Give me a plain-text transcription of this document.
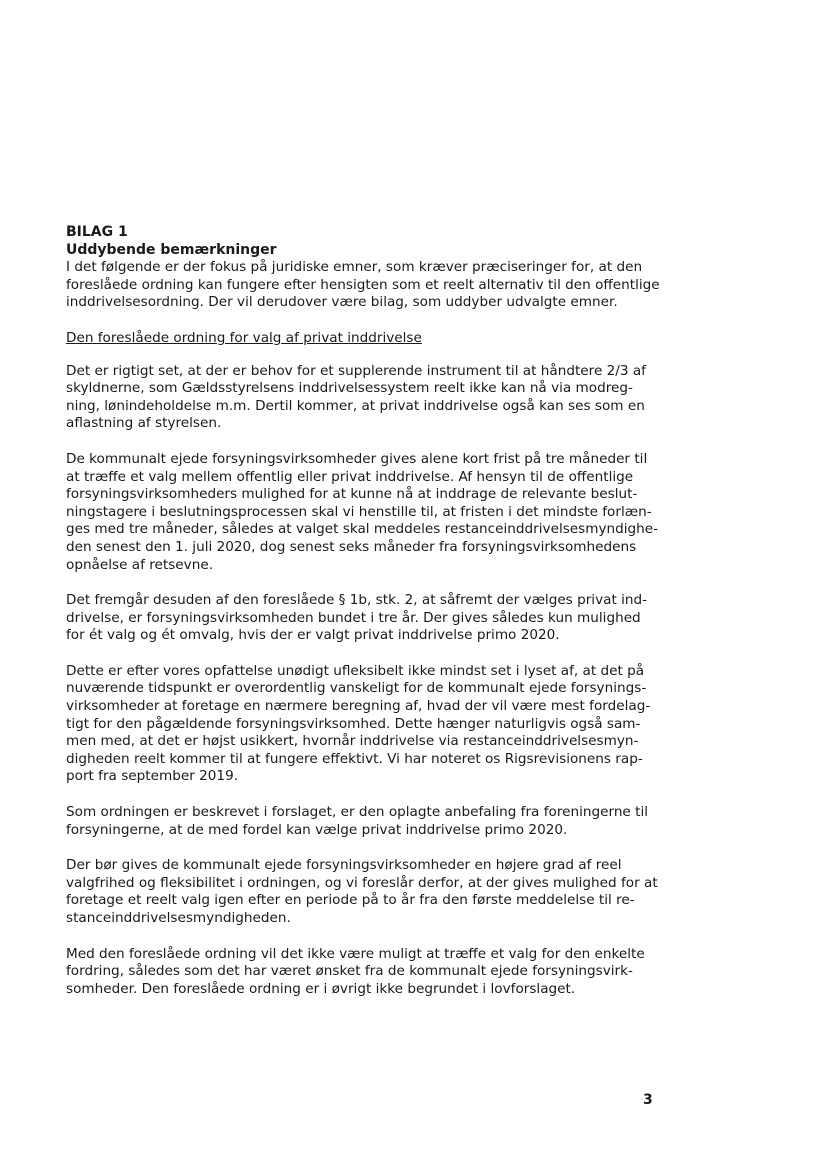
BILAG 1

Uddybende bemærkninger

I det følgende er der fokus på juridiske emner, som kræver præciseringer for, at den
foreslåede ordning kan fungere efter hensigten som et reelt alternativ til den offentlige
inddrivelsesordning. Der vil derudover være bilag, som uddyber udvalgte emner.

Den foreslåede ordning for valg af privat inddrivelse

Det er rigtigt set, at der er behov for et supplerende instrument til at håndtere 2/3 af
skyldnerne, som Gældsstyrelsens inddrivelsessystem reelt ikke kan nå via modreg-
ning, lønindeholdelse m.m. Dertil kommer, at privat inddrivelse også kan ses som en
aflastning af styrelsen.

De kommunalt ejede forsyningsvirksomheder gives alene kort frist på tre måneder til
at træffe et valg mellem offentlig eller privat inddrivelse. Af hensyn til de offentlige
forsyningsvirksomheders mulighed for at kunne nå at inddrage de relevante beslut-
ningstagere i beslutningsprocessen skal vi henstille til, at fristen i det mindste forlæn-
ges med tre måneder, således at valget skal meddeles restanceinddrivelsesmyndighe-
den senest den 1. juli 2020, dog senest seks måneder fra forsyningsvirksomhedens
opnåelse af retsevne.

Det fremgår desuden af den foreslåede § 1b, stk. 2, at såfremt der vælges privat ind-
drivelse, er forsyningsvirksomheden bundet i tre år. Der gives således kun mulighed
for ét valg og ét omvalg, hvis der er valgt privat inddrivelse primo 2020.

Dette er efter vores opfattelse unødigt ufleksibelt ikke mindst set i lyset af, at det på
nuværende tidspunkt er overordentlig vanskeligt for de kommunalt ejede forsynings-
virksomheder at foretage en nærmere beregning af, hvad der vil være mest fordelag-
tigt for den pågældende forsyningsvirksomhed. Dette hænger naturligvis også sam-
men med, at det er højst usikkert, hvornår inddrivelse via restanceinddrivelsesmyn-
digheden reelt kommer til at fungere effektivt. Vi har noteret os Rigsrevisionens rap-
port fra september 2019.

Som ordningen er beskrevet i forslaget, er den oplagte anbefaling fra foreningerne til
forsyningerne, at de med fordel kan vælge privat inddrivelse primo 2020.

Der bør gives de kommunalt ejede forsyningsvirksomheder en højere grad af reel
valgfrihed og fleksibilitet i ordningen, og vi foreslår derfor, at der gives mulighed for at
foretage et reelt valg igen efter en periode på to år fra den første meddelelse til re-
stanceinddrivelsesmyndigheden.

Med den foreslåede ordning vil det ikke være muligt at træffe et valg for den enkelte
fordring, således som det har været ønsket fra de kommunalt ejede forsyningsvirk-
somheder. Den foreslåede ordning er i øvrigt ikke begrundet i lovforslaget.

3
